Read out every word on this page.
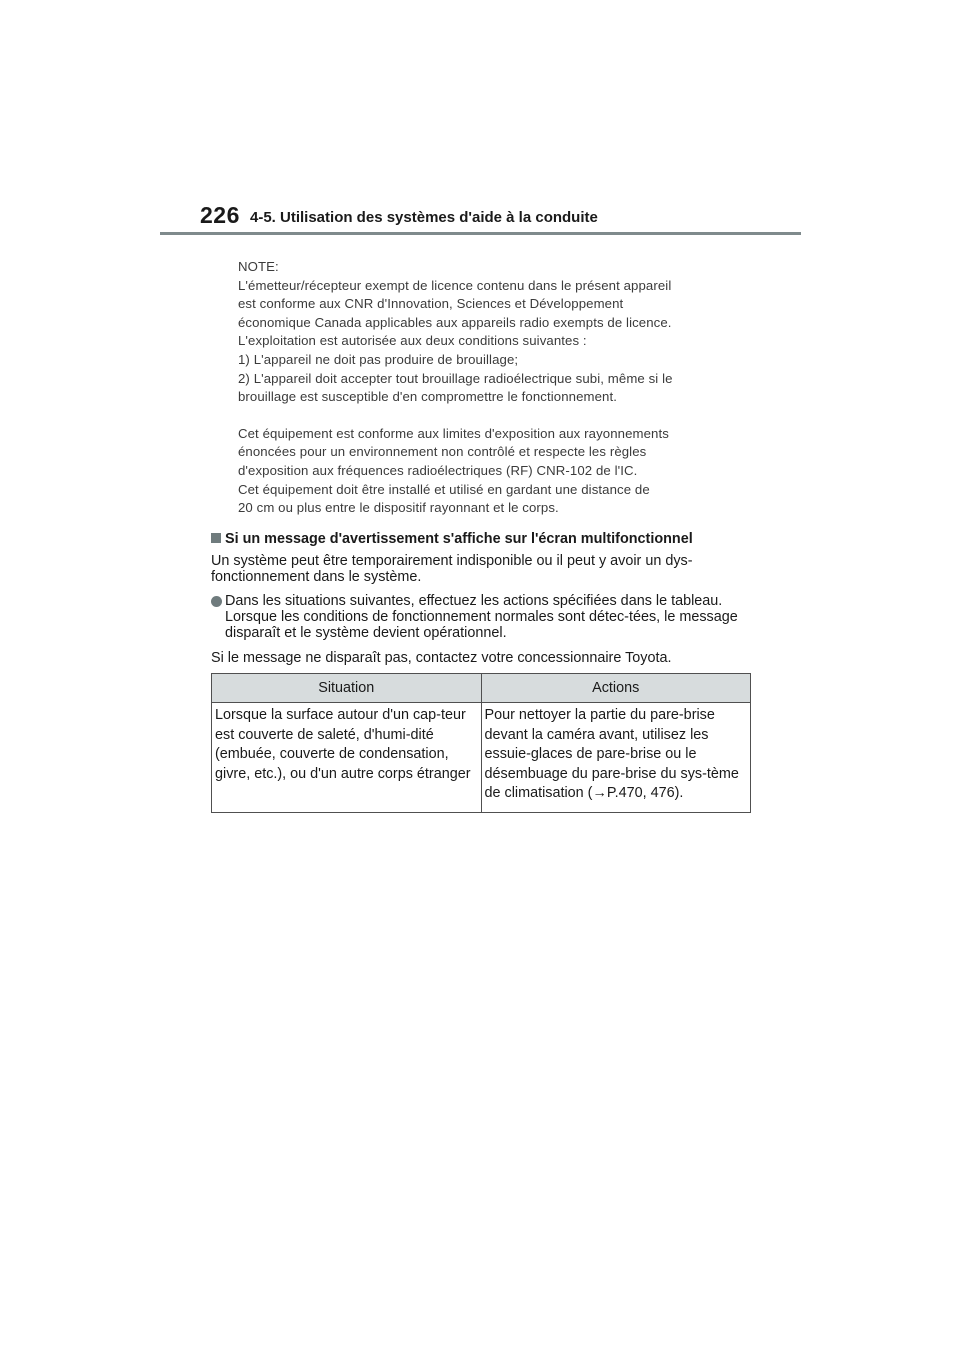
226 4-5. Utilisation des systèmes d'aide à la conduite

NOTE:

L'émetteur/récepteur exempt de licence contenu dans le présent appareil

est conforme aux CNR d'Innovation, Sciences et Développement

économique Canada applicables aux appareils radio exempts de licence.

L'exploitation est autorisée aux deux conditions suivantes :

1) L'appareil ne doit pas produire de brouillage;

2) L'appareil doit accepter tout brouillage radioélectrique subi, même si le

brouillage est susceptible d'en compromettre le fonctionnement.

Cet équipement est conforme aux limites d'exposition aux rayonnements

énoncées pour un environnement non contrôlé et respecte les règles

d'exposition aux fréquences radioélectriques (RF) CNR-102 de l'IC.

Cet équipement doit être installé et utilisé en gardant une distance de

20 cm ou plus entre le dispositif rayonnant et le corps.

Si un message d'avertissement s'affiche sur l'écran multifonctionnel

Un système peut être temporairement indisponible ou il peut y avoir un dys-fonctionnement dans le système.

Dans les situations suivantes, effectuez les actions spécifiées dans le tableau. Lorsque les conditions de fonctionnement normales sont détec-tées, le message disparaît et le système devient opérationnel.

Si le message ne disparaît pas, contactez votre concessionnaire Toyota.

Situation	Actions
Lorsque la surface autour d'un cap-teur est couverte de saleté, d'humi-dité (embuée, couverte de condensation, givre, etc.), ou d'un autre corps étranger	Pour nettoyer la partie du pare-brise devant la caméra avant, utilisez les essuie-glaces de pare-brise ou le désembuage du pare-brise du sys-tème de climatisation (→P.470, 476).
